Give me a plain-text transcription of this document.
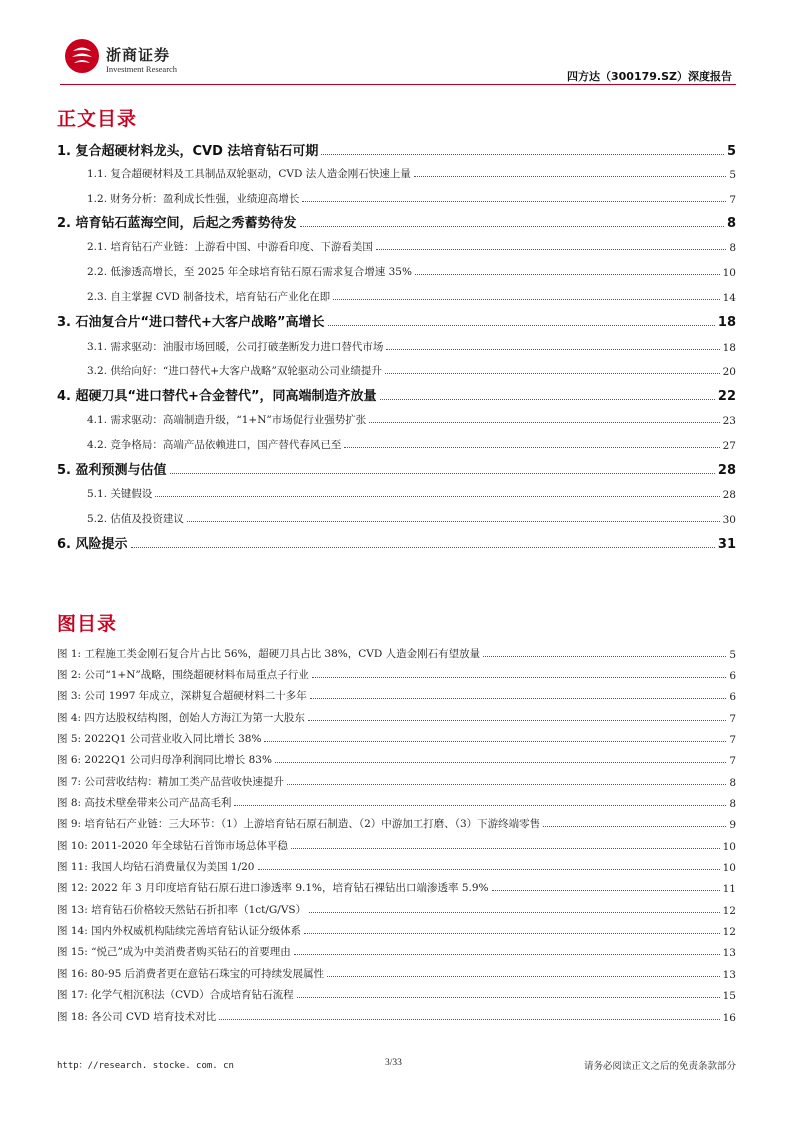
浙商证券
Investment Research
四方达（300179.SZ）深度报告
正文目录
1. 复合超硬材料龙头，CVD 法培育钻石可期	5
1.1. 复合超硬材料及工具制品双轮驱动，CVD 法人造金刚石快速上量	5
1.2. 财务分析：盈利成长性强，业绩迎高增长	7
2. 培育钻石蓝海空间，后起之秀蓄势待发	8
2.1. 培育钻石产业链：上游看中国、中游看印度、下游看美国	8
2.2. 低渗透高增长，至 2025 年全球培育钻石原石需求复合增速 35%	10
2.3. 自主掌握 CVD 制备技术，培育钻石产业化在即	14
3. 石油复合片“进口替代+大客户战略”高增长	18
3.1. 需求驱动：油服市场回暖，公司打破垄断发力进口替代市场	18
3.2. 供给向好：“进口替代+大客户战略”双轮驱动公司业绩提升	20
4. 超硬刀具“进口替代+合金替代”，同高端制造齐放量	22
4.1. 需求驱动：高端制造升级，“1+N”市场促行业强势扩张	23
4.2. 竞争格局：高端产品依赖进口，国产替代春风已至	27
5. 盈利预测与估值	28
5.1. 关键假设	28
5.2. 估值及投资建议	30
6. 风险提示	31
图目录
图 1: 工程施工类金刚石复合片占比 56%，超硬刀具占比 38%，CVD 人造金刚石有望放量	5
图 2: 公司“1+N”战略，围绕超硬材料布局重点子行业	6
图 3: 公司 1997 年成立，深耕复合超硬材料二十多年	6
图 4: 四方达股权结构图，创始人方海江为第一大股东	7
图 5: 2022Q1 公司营业收入同比增长 38%	7
图 6: 2022Q1 公司归母净利润同比增长 83%	7
图 7: 公司营收结构：精加工类产品营收快速提升	8
图 8: 高技术壁垒带来公司产品高毛利	8
图 9: 培育钻石产业链：三大环节：（1）上游培育钻石原石制造、（2）中游加工打磨、（3）下游终端零售	9
图 10: 2011-2020 年全球钻石首饰市场总体平稳	10
图 11: 我国人均钻石消费量仅为美国 1/20	10
图 12: 2022 年 3 月印度培育钻石原石进口渗透率 9.1%，培育钻石裸钻出口端渗透率 5.9%	11
图 13: 培育钻石价格较天然钻石折扣率（1ct/G/VS）	12
图 14: 国内外权威机构陆续完善培育钻认证分级体系	12
图 15: “悦己”成为中美消费者购买钻石的首要理由	13
图 16: 80-95 后消费者更在意钻石珠宝的可持续发展属性	13
图 17: 化学气相沉积法（CVD）合成培育钻石流程	15
图 18: 各公司 CVD 培育技术对比	16
http：//research. stocke. com. cn	3/33	请务必阅读正文之后的免责条款部分
